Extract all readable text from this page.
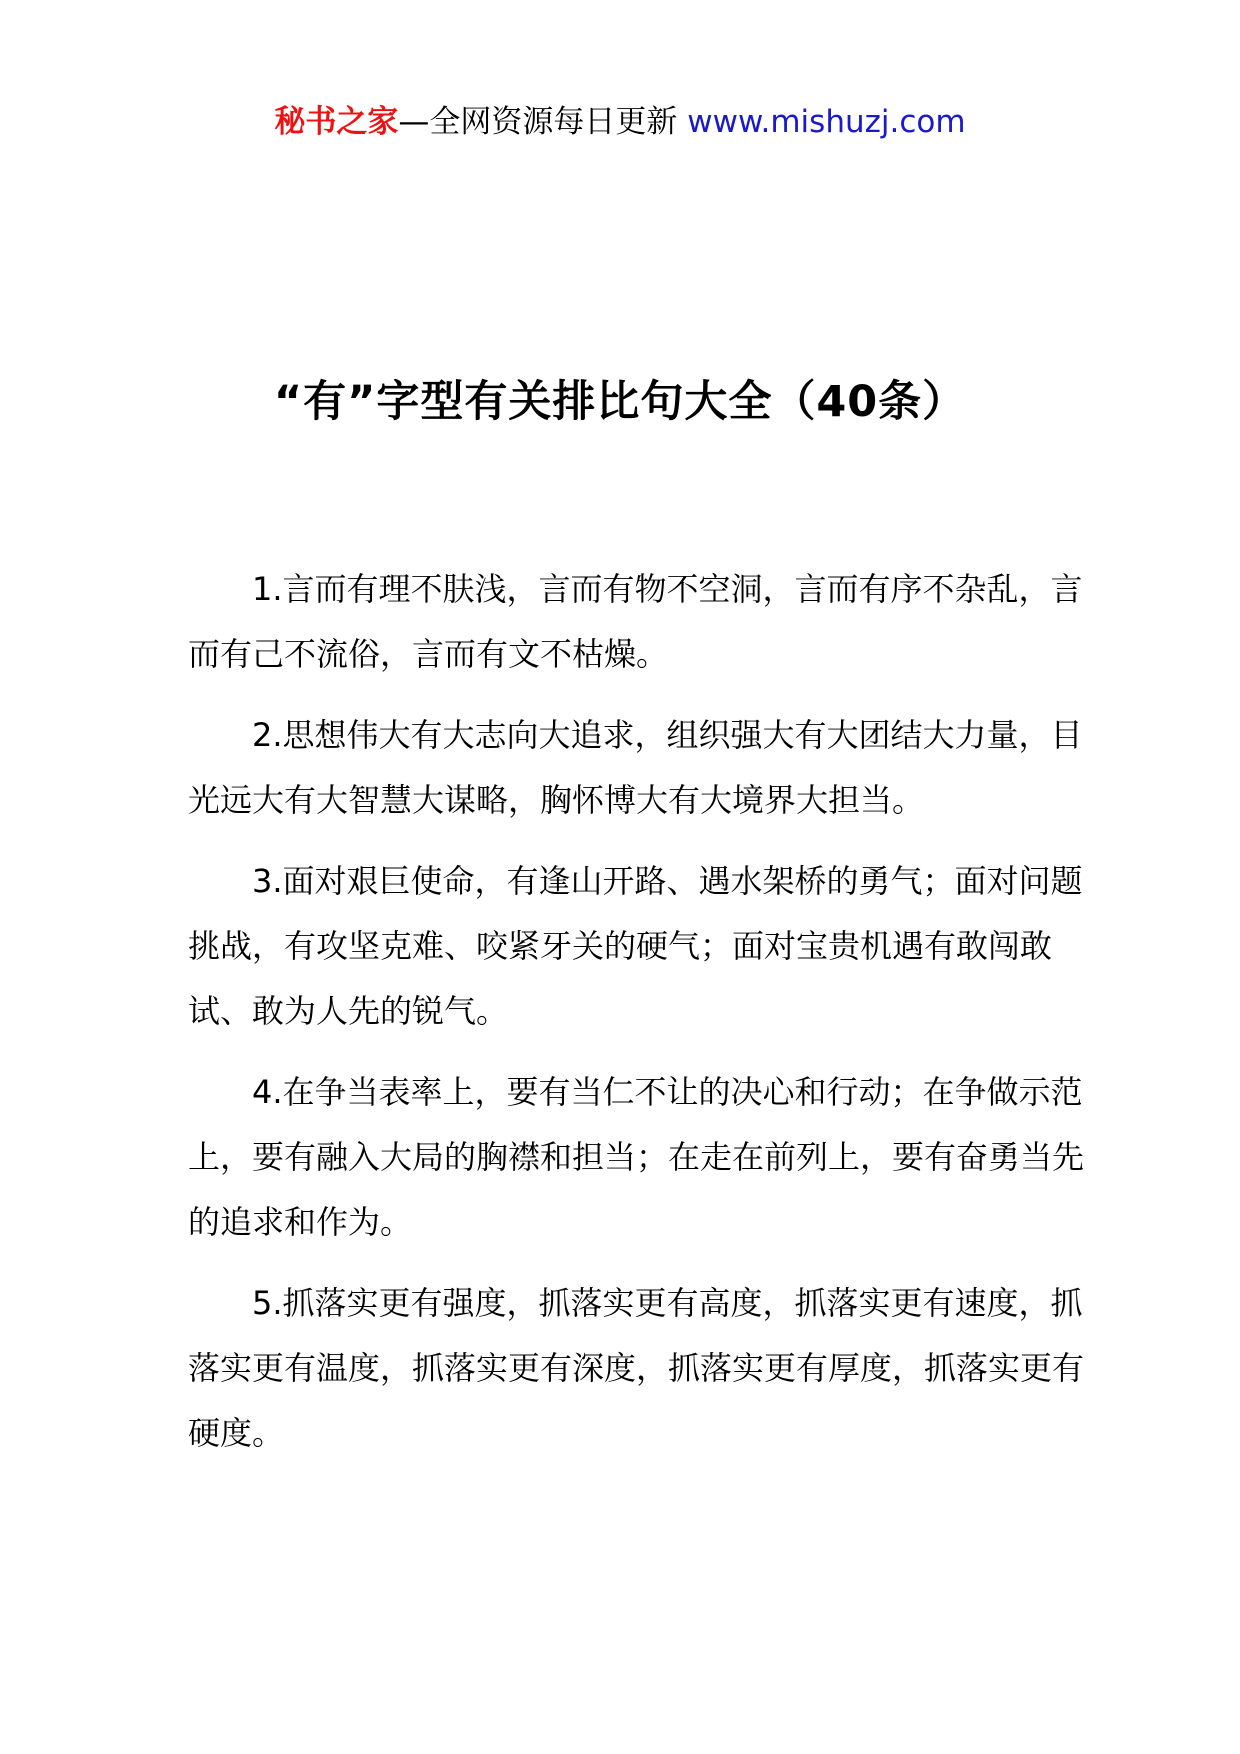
秘书之家—全网资源每日更新 www.mishuzj.com
“有”字型有关排比句大全（40条）

1.言而有理不肤浅，言而有物不空洞，言而有序不杂乱，言而有己不流俗，言而有文不枯燥。

2.思想伟大有大志向大追求，组织强大有大团结大力量，目光远大有大智慧大谋略，胸怀博大有大境界大担当。

3.面对艰巨使命，有逢山开路、遇水架桥的勇气；面对问题挑战，有攻坚克难、咬紧牙关的硬气；面对宝贵机遇有敢闯敢试、敢为人先的锐气。

4.在争当表率上，要有当仁不让的决心和行动；在争做示范上，要有融入大局的胸襟和担当；在走在前列上，要有奋勇当先的追求和作为。

5.抓落实更有强度，抓落实更有高度，抓落实更有速度，抓落实更有温度，抓落实更有深度，抓落实更有厚度，抓落实更有硬度。
